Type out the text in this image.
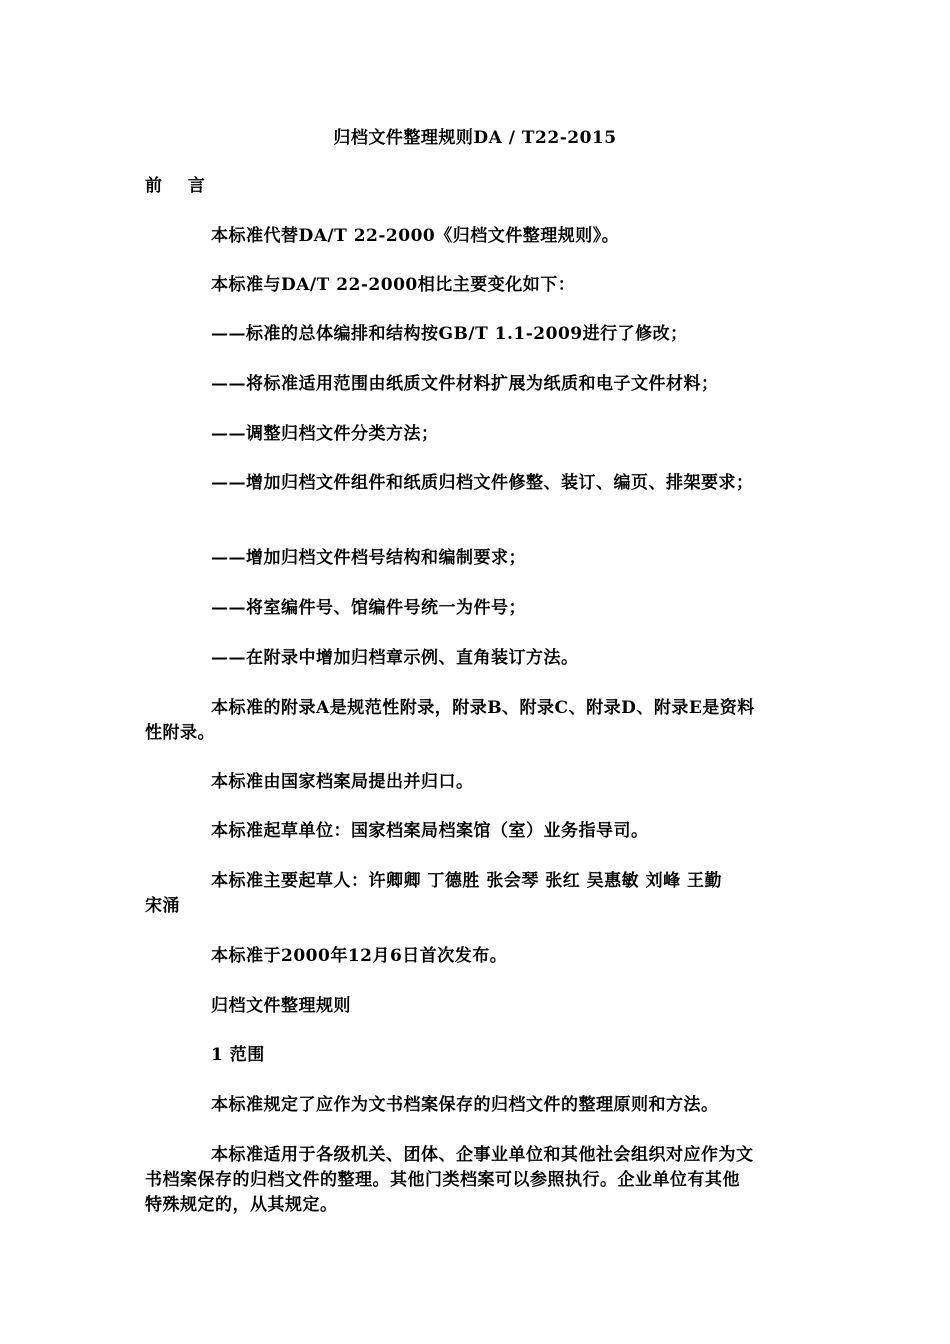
归档文件整理规则DA / T22-2015
前 言
本标准代替DA/T 22-2000《归档文件整理规则》。
本标准与DA/T 22-2000相比主要变化如下：
——标准的总体编排和结构按GB/T 1.1-2009进行了修改；
——将标准适用范围由纸质文件材料扩展为纸质和电子文件材料；
——调整归档文件分类方法；
——增加归档文件组件和纸质归档文件修整、装订、编页、排架要求；
——增加归档文件档号结构和编制要求；
——将室编件号、馆编件号统一为件号；
——在附录中增加归档章示例、直角装订方法。
本标准的附录A是规范性附录，附录B、附录C、附录D、附录E是资料
性附录。
本标准由国家档案局提出并归口。
本标准起草单位：国家档案局档案馆（室）业务指导司。
本标准主要起草人：许卿卿 丁德胜 张会琴 张红 吴惠敏 刘峰 王勤
宋涌
本标准于2000年12月6日首次发布。
归档文件整理规则
1 范围
本标准规定了应作为文书档案保存的归档文件的整理原则和方法。
本标准适用于各级机关、团体、企事业单位和其他社会组织对应作为文
书档案保存的归档文件的整理。其他门类档案可以参照执行。企业单位有其他
特殊规定的，从其规定。
